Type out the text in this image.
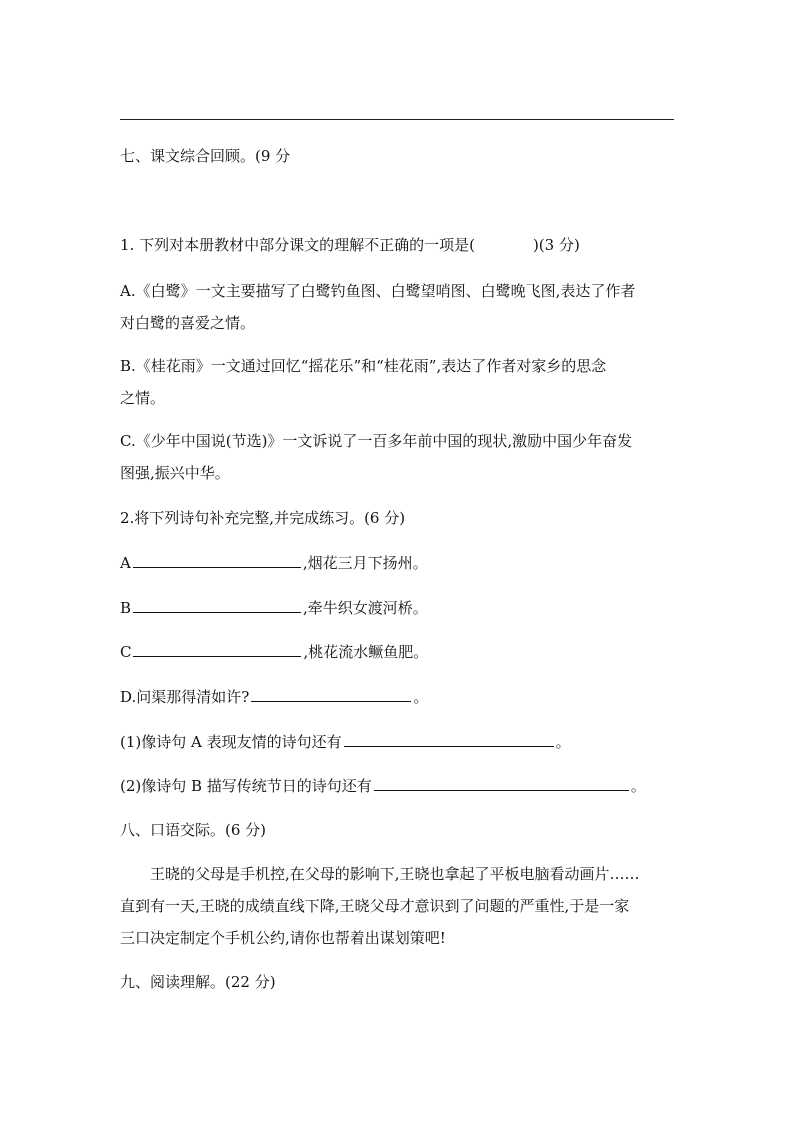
七、课文综合回顾。(9 分
1. 下列对本册教材中部分课文的理解不正确的一项是(	)(3 分)
A.《白鹭》一文主要描写了白鹭钓鱼图、白鹭望哨图、白鹭晚飞图,表达了作者
对白鹭的喜爱之情。
B.《桂花雨》一文通过回忆“摇花乐”和“桂花雨”,表达了作者对家乡的思念
之情。
C.《少年中国说(节选)》一文诉说了一百多年前中国的现状,激励中国少年奋发
图强,振兴中华。
2.将下列诗句补充完整,并完成练习。(6 分)
A	,烟花三月下扬州。
B	,牵牛织女渡河桥。
C	,桃花流水鳜鱼肥。
D.问渠那得清如许?	。
(1)像诗句 A 表现友情的诗句还有	。
(2)像诗句 B 描写传统节日的诗句还有	。
八、口语交际。(6 分)
王晓的父母是手机控,在父母的影响下,王晓也拿起了平板电脑看动画片……
直到有一天,王晓的成绩直线下降,王晓父母才意识到了问题的严重性,于是一家
三口决定制定个手机公约,请你也帮着出谋划策吧!
九、阅读理解。(22 分)
